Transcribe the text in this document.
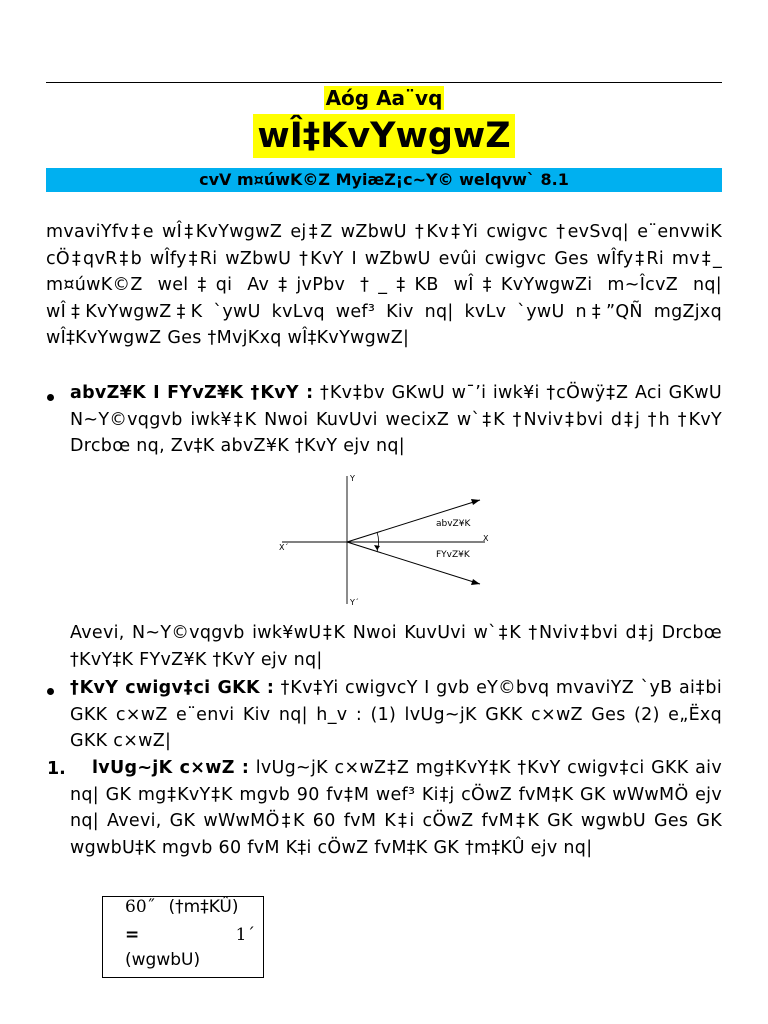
Aóg Aa¨vq
wÎ‡KvYwgwZ
cvV m¤úwK©Z MyiæZ¡c~Y© welqvw` 8.1
mvaviYfv‡e wÎ‡KvYwgwZ ej‡Z wZbwU †Kv‡Yi cwigvc †evSvq| e¨envwiK cÖ‡qvR‡b wÎfy‡Ri wZbwU †KvY I wZbwU evûi cwigvc Ges wÎfy‡Ri mv‡_ m¤úwK©Z wel‡qi Av‡jvPbv †_‡KB wÎ‡KvYwgwZi m~ÎcvZ nq| wÎ‡KvYwgwZ‡K `ywU kvLvq wef³ Kiv nq| kvLv `ywU n‡”QÑ mgZjxq wÎ‡KvYwgwZ Ges †MvjKxq wÎ‡KvYwgwZ|
abvZ¥K I FYvZ¥K †KvY : †Kv‡bv GKwU w¯’i iwk¥i †cÖwÿ‡Z Aci GKwU N~Y©vqgvb iwk¥‡K Nwoi KuvUvi wecixZ w`‡K †Nviv‡bvi d‡j †h †KvY Drcbœ nq, Zv‡K abvZ¥K †KvY ejv nq|
Y
Y΄
X΄
X
abvZ¥K
FYvZ¥K
Avevi, N~Y©vqgvb iwk¥wU‡K Nwoi KuvUvi w`‡K †Nviv‡bvi d‡j Drcbœ †KvY‡K FYvZ¥K †KvY ejv nq|
†KvY cwigv‡ci GKK : †Kv‡Yi cwigvcY I gvb eY©bvq mvaviYZ `yB ai‡bi GKK c×wZ e¨envi Kiv nq| h_v : (1) lvUg~jK GKK c×wZ Ges (2) e„Ëxq GKK c×wZ|
1.	lvUg~jK c×wZ : lvUg~jK c×wZ‡Z mg‡KvY‡K †KvY cwigv‡ci GKK aiv nq| GK mg‡KvY‡K mgvb 90 fv‡M wef³ Ki‡j cÖwZ fvM‡K GK wWwMÖ ejv nq| Avevi, GK wWwMÖ‡K 60 fvM K‡i cÖwZ fvM‡K GK wgwbU Ges GK wgwbU‡K mgvb 60 fvM K‡i cÖwZ fvM‡K GK †m‡KÛ ejv nq|
60˝ (†m‡KÛ)
=	1΄
(wgwbU)
